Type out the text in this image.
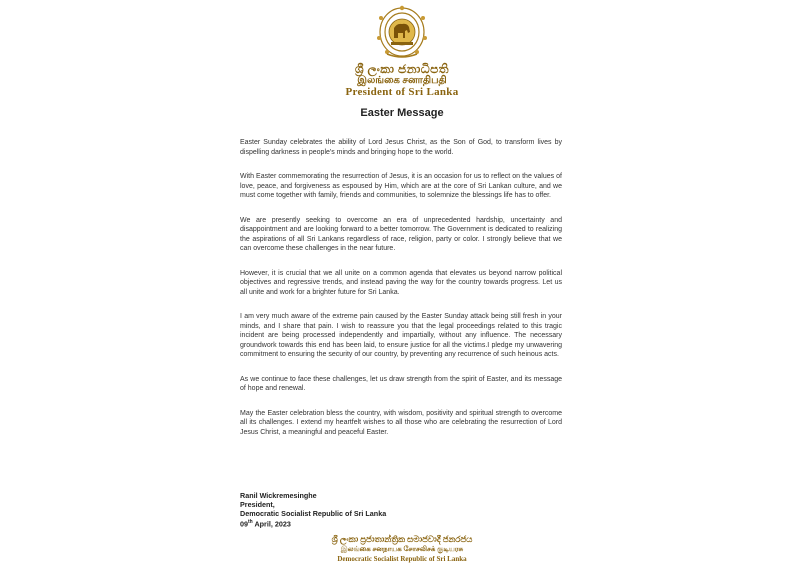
ශ්‍රී ලංකා ජනාධිපති
இலங்கை சனாதிபதி
President of Sri Lanka
Easter Message

Easter Sunday celebrates the ability of Lord Jesus Christ, as the Son of God, to transform lives by dispelling darkness in people's minds and bringing hope to the world.

With Easter commemorating the resurrection of Jesus, it is an occasion for us to reflect on the values of love, peace, and forgiveness as espoused by Him, which are at the core of Sri Lankan culture, and we must come together with family, friends and communities, to solemnize the blessings life has to offer.

We are presently seeking to overcome an era of unprecedented hardship, uncertainty and disappointment and are looking forward to a better tomorrow. The Government is dedicated to realizing the aspirations of all Sri Lankans regardless of race, religion, party or color. I strongly believe that we can overcome these challenges in the near future.

However, it is crucial that we all unite on a common agenda that elevates us beyond narrow political objectives and regressive trends, and instead paving the way for the country towards progress. Let us all unite and work for a brighter future for Sri Lanka.

I am very much aware of the extreme pain caused by the Easter Sunday attack being still fresh in your minds, and I share that pain. I wish to reassure you that the legal proceedings related to this tragic incident are being processed independently and impartially, without any influence. The necessary groundwork towards this end has been laid, to ensure justice for all the victims.I pledge my unwavering commitment to ensuring the security of our country, by preventing any recurrence of such heinous acts.

As we continue to face these challenges, let us draw strength from the spirit of Easter, and its message of hope and renewal.

May the Easter celebration bless the country, with wisdom, positivity and spiritual strength to overcome all its challenges. I extend my heartfelt wishes to all those who are celebrating the resurrection of Lord Jesus Christ, a meaningful and peaceful Easter.

Ranil Wickremesinghe
President,
Democratic Socialist Republic of Sri Lanka
09th April, 2023
ශ්‍රී ලංකා ප්‍රජාතාන්ත්‍රික සමාජවාදී ජනරජය
இலங்கை சனநாயக சோசலிசக் குடியரசு
Democratic Socialist Republic of Sri Lanka
